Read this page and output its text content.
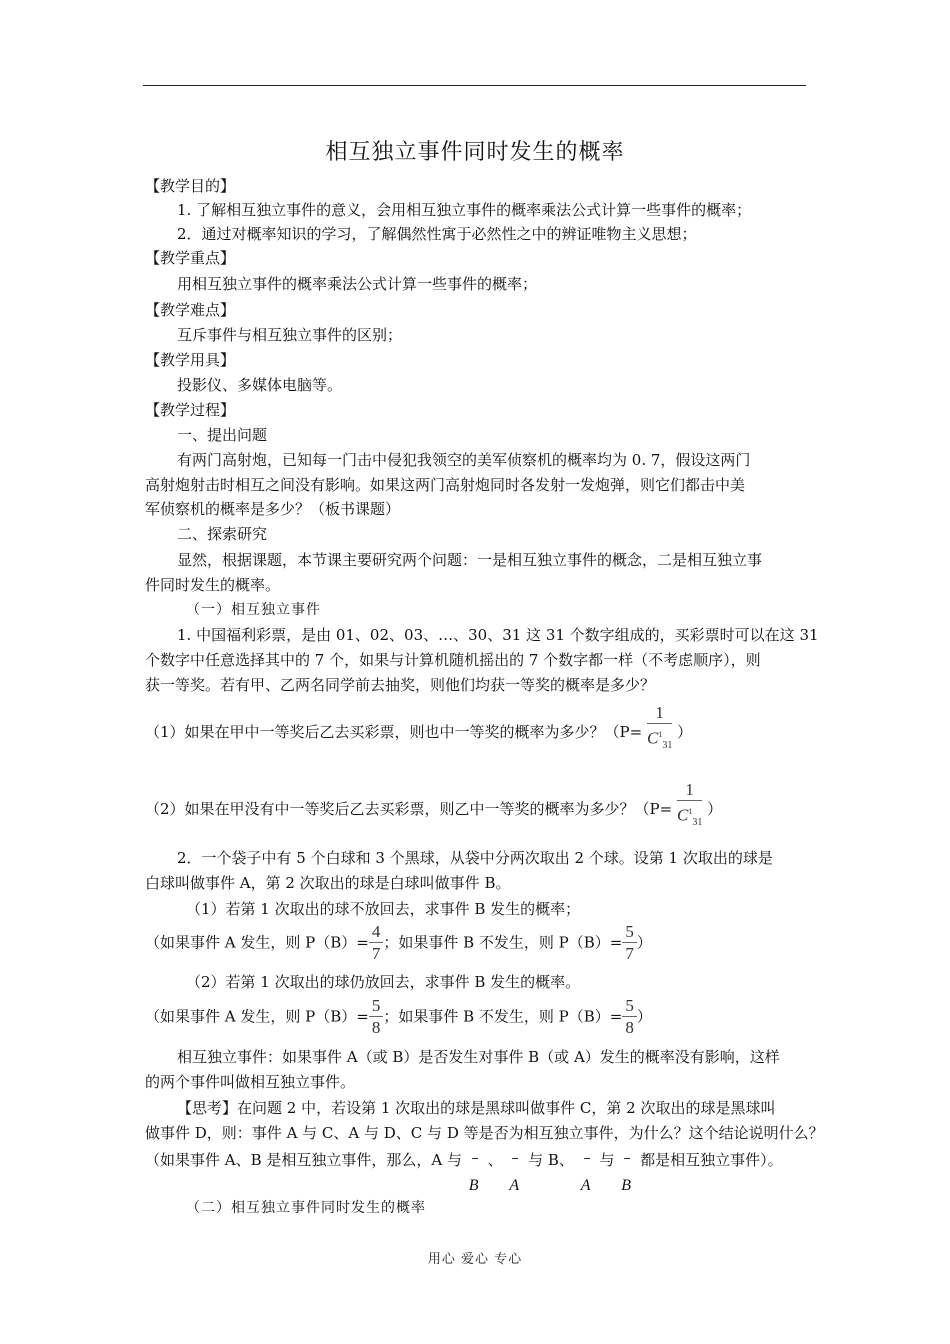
相互独立事件同时发生的概率
【教学目的】
1. 了解相互独立事件的意义，会用相互独立事件的概率乘法公式计算一些事件的概率；
2．通过对概率知识的学习，了解偶然性寓于必然性之中的辨证唯物主义思想；
【教学重点】
用相互独立事件的概率乘法公式计算一些事件的概率；
【教学难点】
互斥事件与相互独立事件的区别；
【教学用具】
投影仪、多媒体电脑等。
【教学过程】
一、提出问题
有两门高射炮，已知每一门击中侵犯我领空的美军侦察机的概率均为 0. 7，假设这两门
高射炮射击时相互之间没有影响。如果这两门高射炮同时各发射一发炮弹，则它们都击中美
军侦察机的概率是多少？（板书课题）
二、探索研究
显然，根据课题，本节课主要研究两个问题：一是相互独立事件的概念，二是相互独立事
件同时发生的概率。
（一）相互独立事件
1. 中国福利彩票，是由 01、02、03、…、30、31 这 31 个数字组成的，买彩票时可以在这 31
个数字中任意选择其中的 7 个，如果与计算机随机摇出的 7 个数字都一样（不考虑顺序），则
获一等奖。若有甲、乙两名同学前去抽奖，则他们均获一等奖的概率是多少？
（1）如果在甲中一等奖后乙去买彩票，则也中一等奖的概率为多少？（$P= \frac{1}{C^1_{31}}$ ）
（2）如果在甲没有中一等奖后乙去买彩票，则乙中一等奖的概率为多少？（$P= \frac{1}{C^1_{31}}$ ）
2．一个袋子中有 5 个白球和 3 个黑球，从袋中分两次取出 2 个球。设第 1 次取出的球是
白球叫做事件 A，第 2 次取出的球是白球叫做事件 B。
（1）若第 1 次取出的球不放回去，求事件 B 发生的概率；
（如果事件 A 发生，则 $P(B)= \frac{4}{7}$ ；如果事件 B 不发生，则 $P(B)= \frac{5}{7}$ ）
（2）若第 1 次取出的球仍放回去，求事件 B 发生的概率。
（如果事件 A 发生，则 $P(B)= \frac{5}{8}$ ；如果事件 B 不发生，则 $P(B)= \frac{5}{8}$ ）
相互独立事件：如果事件 A（或 B）是否发生对事件 B（或 A）发生的概率没有影响，这样
的两个事件叫做相互独立事件。
【思考】在问题 2 中，若设第 1 次取出的球是黑球叫做事件 C，第 2 次取出的球是黑球叫
做事件 D，则：事件 A 与 C、A 与 D、C 与 D 等是否为相互独立事件，为什么？这个结论说明什么？
（如果事件 A、B 是相互独立事件，那么，A 与
B
、
A
与 B、
A
与
B
都是相互独立事件）。
（二）相互独立事件同时发生的概率
用心 爱心 专心
